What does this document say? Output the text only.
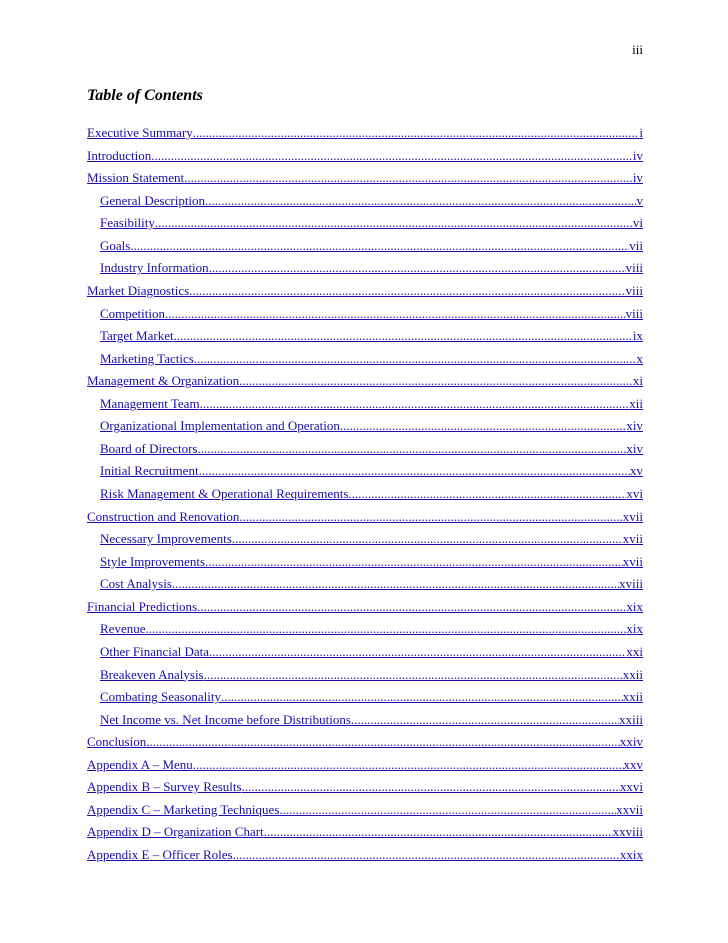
iii
Table of Contents
Executive Summary .....	i
Introduction .....	iv
Mission Statement .....	iv
General Description .....	v
Feasibility .....	vi
Goals .....	vii
Industry Information .....	viii
Market Diagnostics .....	viii
Competition .....	viii
Target Market .....	ix
Marketing Tactics .....	x
Management & Organization .....	xi
Management Team .....	xii
Organizational Implementation and Operation .....	xiv
Board of Directors .....	xiv
Initial Recruitment .....	xv
Risk Management & Operational Requirements .....	xvi
Construction and Renovation .....	xvii
Necessary Improvements .....	xvii
Style Improvements .....	xvii
Cost Analysis .....	xviii
Financial Predictions .....	xix
Revenue .....	xix
Other Financial Data .....	xxi
Breakeven Analysis .....	xxii
Combating Seasonality .....	xxii
Net Income vs. Net Income before Distributions .....	xxiii
Conclusion .....	xxiv
Appendix A – Menu .....	xxv
Appendix B – Survey Results .....	xxvi
Appendix C – Marketing Techniques .....	xxvii
Appendix D – Organization Chart .....	xxviii
Appendix E – Officer Roles .....	xxix
